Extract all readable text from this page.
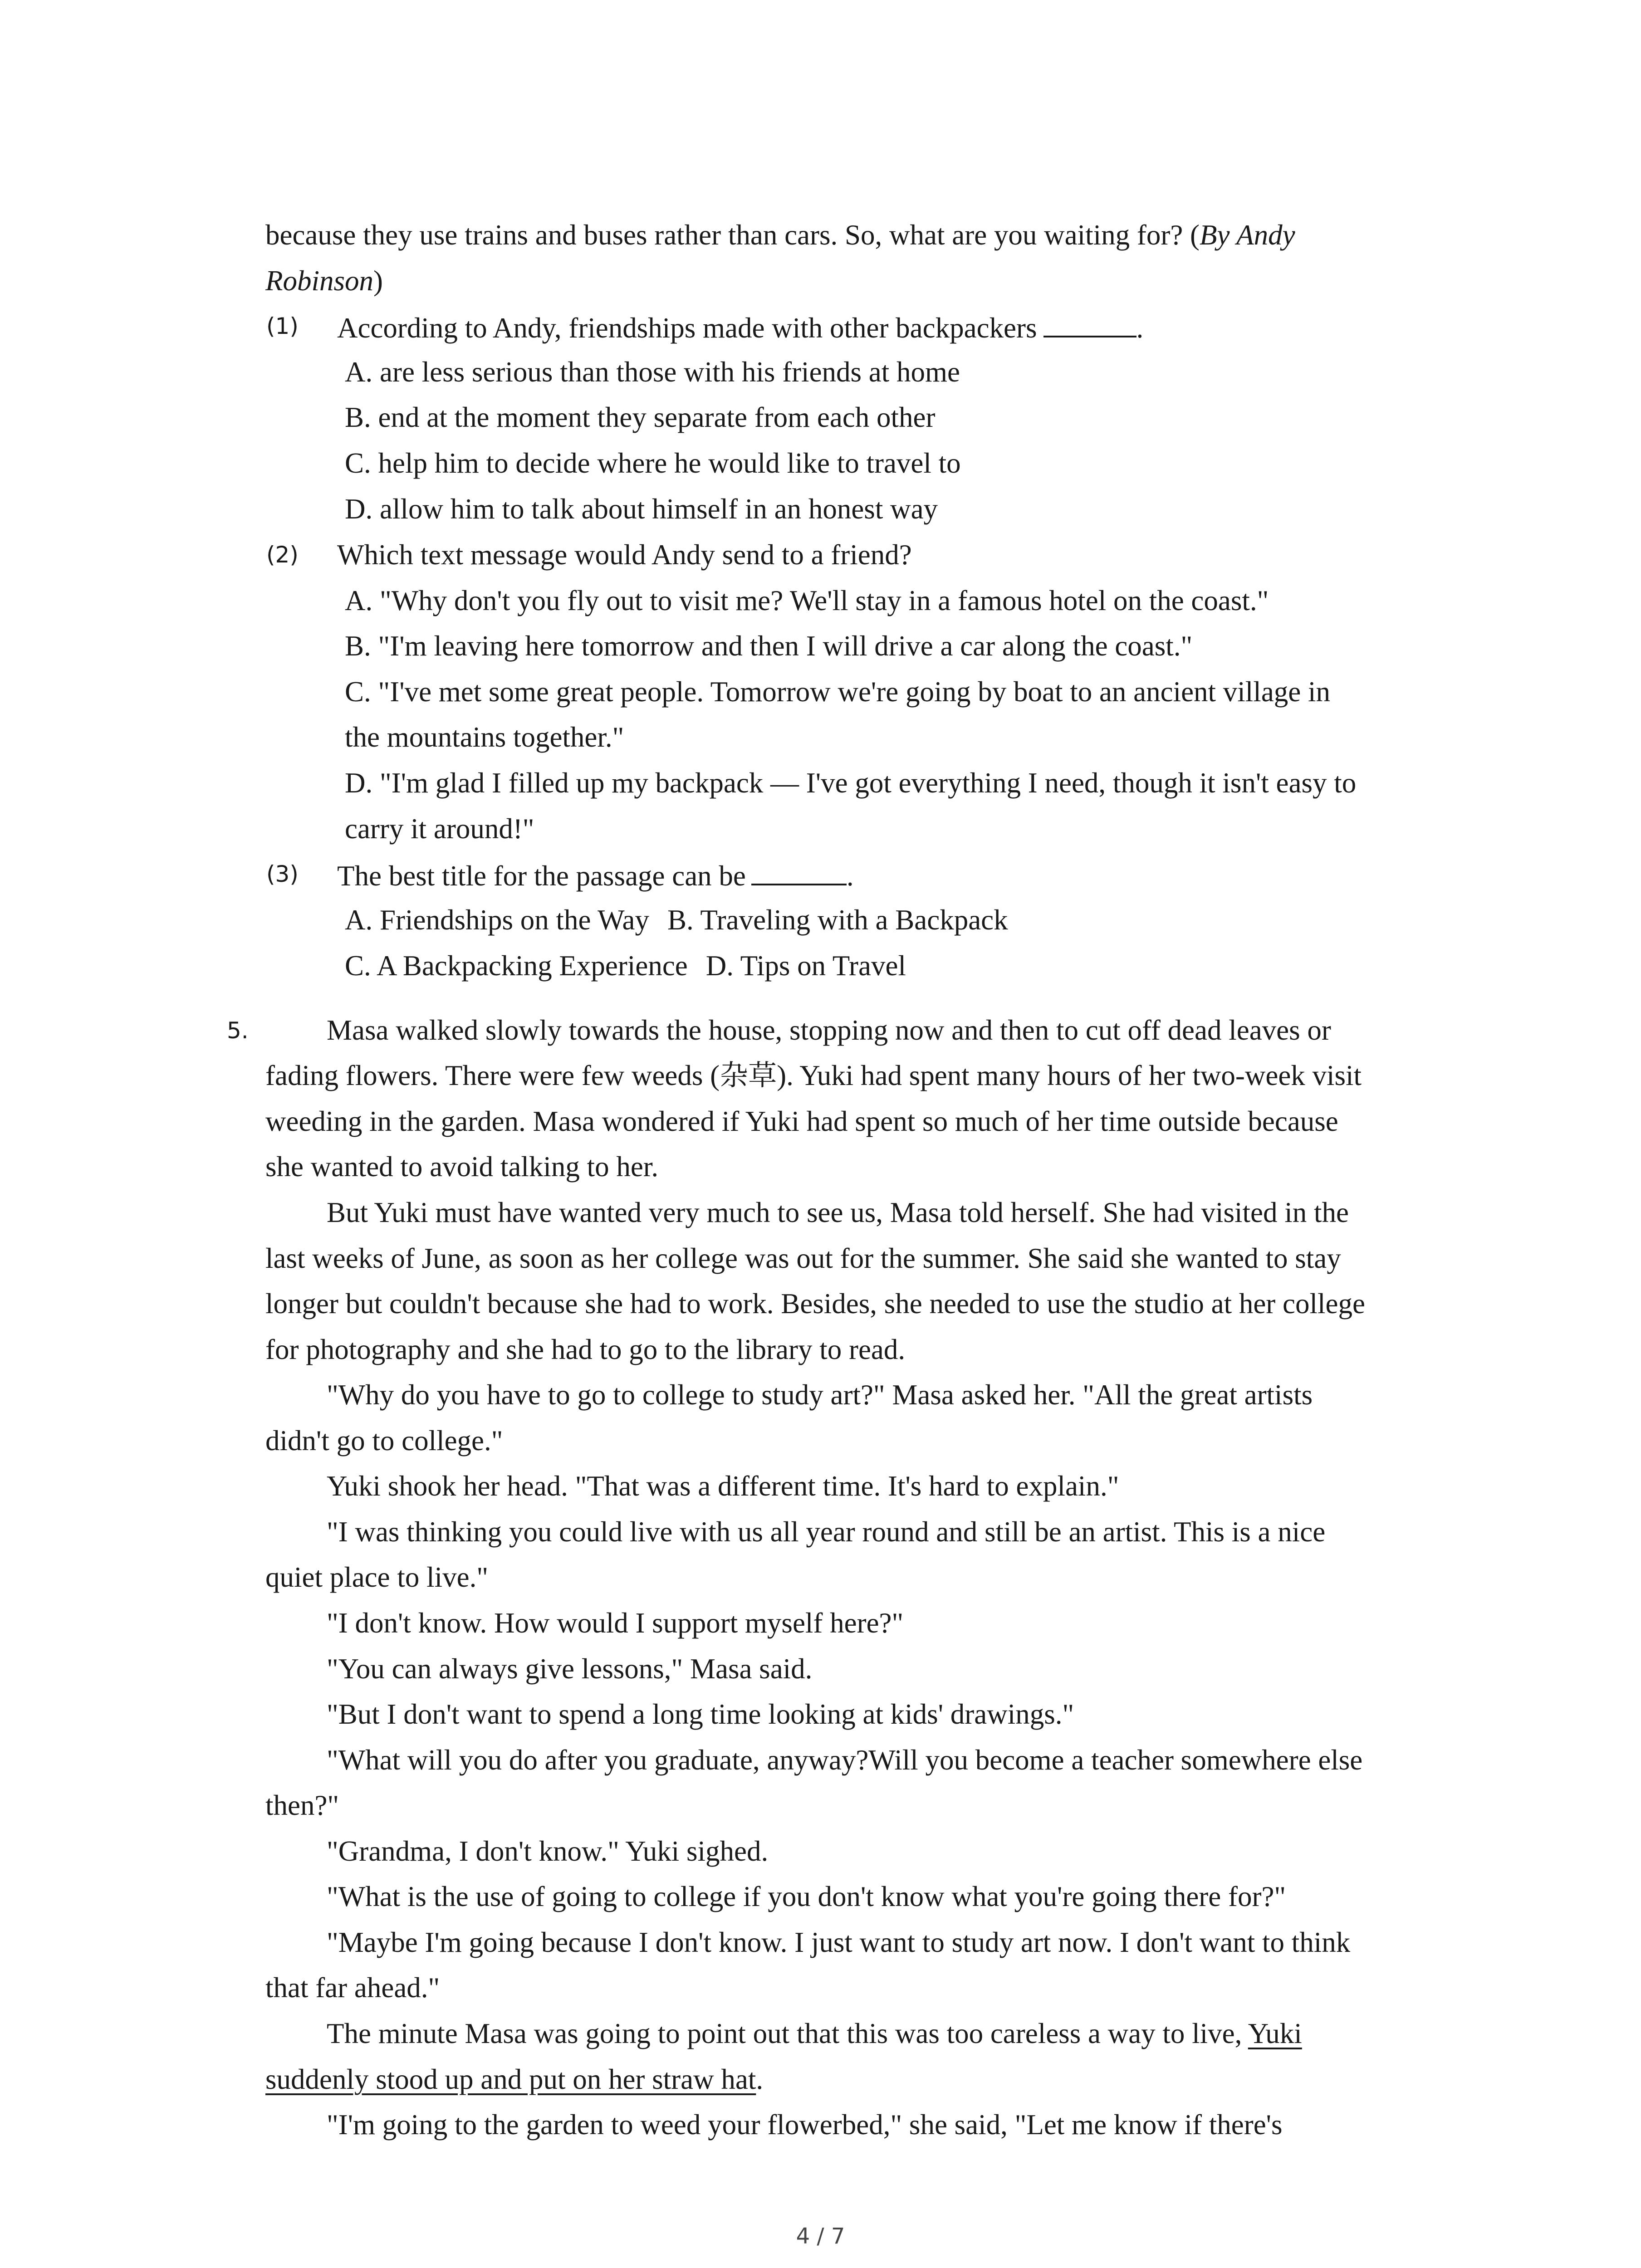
because they use trains and buses rather than cars. So, what are you waiting for? (By Andy
Robinson)
(1) According to Andy, friendships made with other backpackers	.
A. are less serious than those with his friends at home
B. end at the moment they separate from each other
C. help him to decide where he would like to travel to
D. allow him to talk about himself in an honest way
(2) Which text message would Andy send to a friend?
A. "Why don't you fly out to visit me? We'll stay in a famous hotel on the coast."
B. "I'm leaving here tomorrow and then I will drive a car along the coast."
C. "I've met some great people. Tomorrow we're going by boat to an ancient village in
the mountains together."
D. "I'm glad I filled up my backpack — I've got everything I need, though it isn't easy to
carry it around!"
(3) The best title for the passage can be	.
A. Friendships on the Way B. Traveling with a Backpack
C. A Backpacking Experience D. Tips on Travel
5.	Masa walked slowly towards the house, stopping now and then to cut off dead leaves or
fading flowers. There were few weeds (杂草). Yuki had spent many hours of her two-week visit
weeding in the garden. Masa wondered if Yuki had spent so much of her time outside because
she wanted to avoid talking to her.
But Yuki must have wanted very much to see us, Masa told herself. She had visited in the
last weeks of June, as soon as her college was out for the summer. She said she wanted to stay
longer but couldn't because she had to work. Besides, she needed to use the studio at her college
for photography and she had to go to the library to read.
"Why do you have to go to college to study art?" Masa asked her. "All the great artists
didn't go to college."
Yuki shook her head. "That was a different time. It's hard to explain."
"I was thinking you could live with us all year round and still be an artist. This is a nice
quiet place to live."
"I don't know. How would I support myself here?"
"You can always give lessons," Masa said.
"But I don't want to spend a long time looking at kids' drawings."
"What will you do after you graduate, anyway?Will you become a teacher somewhere else
then?"
"Grandma, I don't know." Yuki sighed.
"What is the use of going to college if you don't know what you're going there for?"
"Maybe I'm going because I don't know. I just want to study art now. I don't want to think
that far ahead."
The minute Masa was going to point out that this was too careless a way to live, Yuki
suddenly stood up and put on her straw hat.
"I'm going to the garden to weed your flowerbed," she said, "Let me know if there's
4 / 7
